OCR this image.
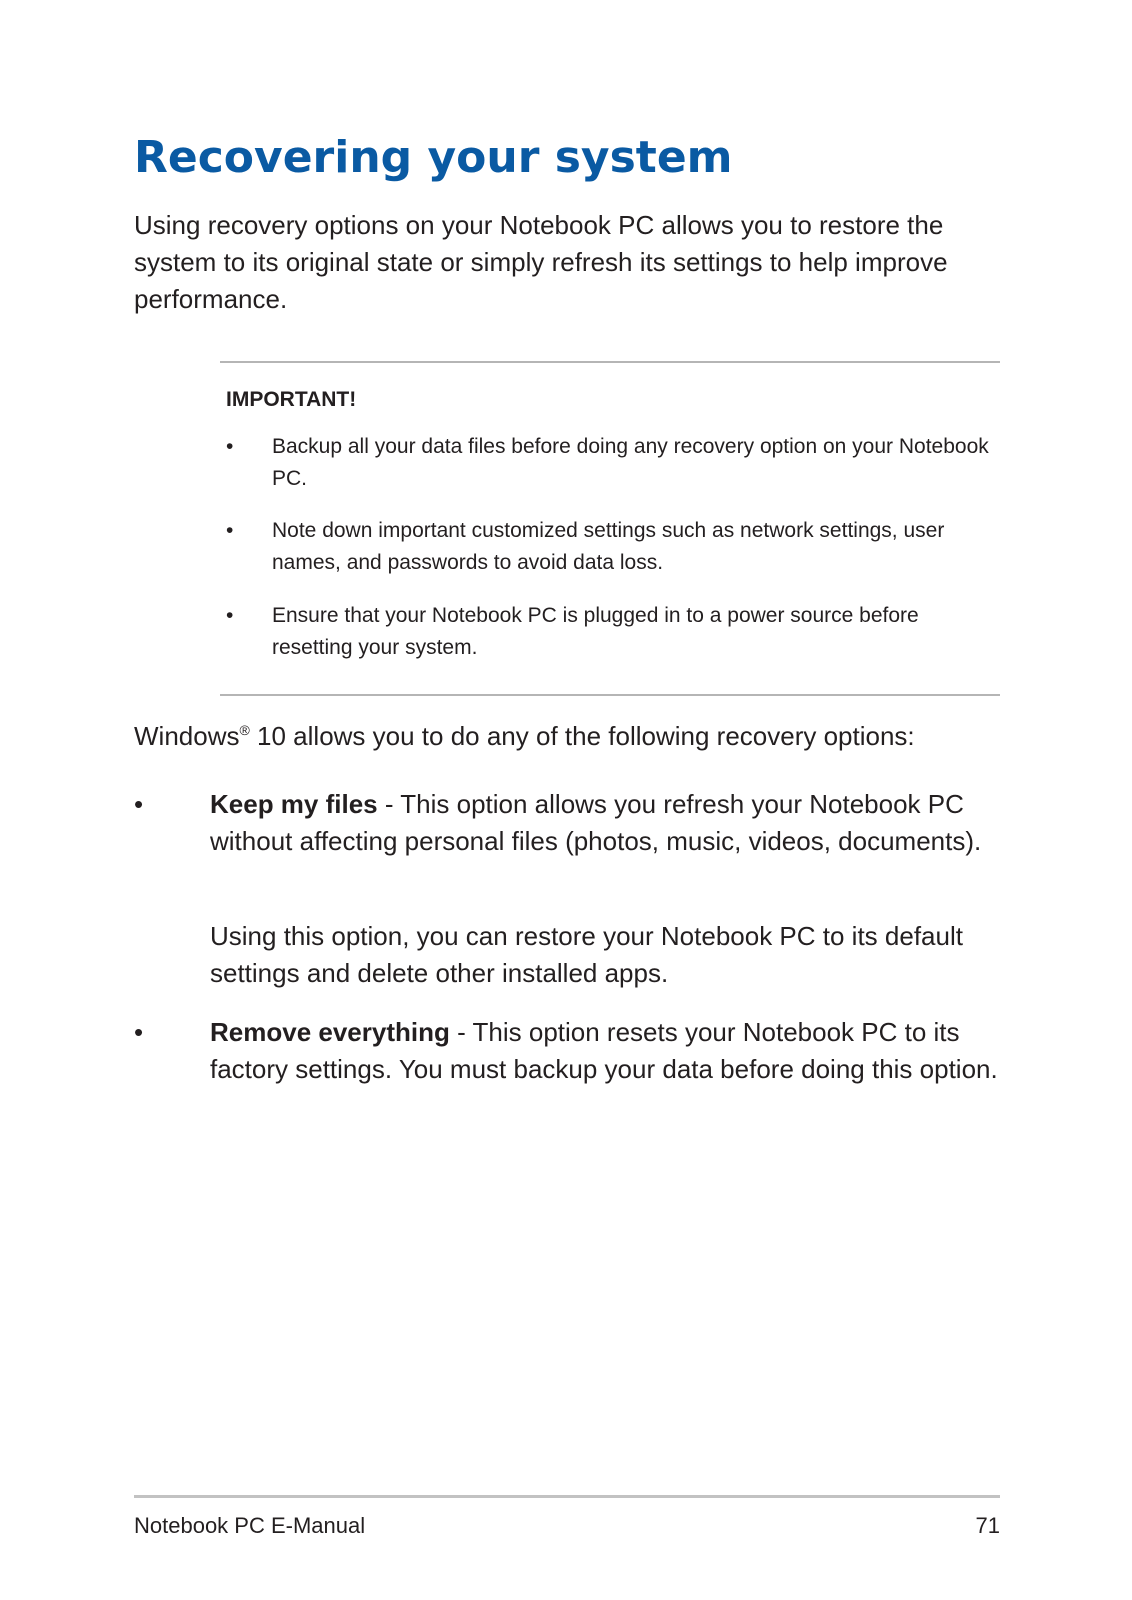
Recovering your system

Using recovery options on your Notebook PC allows you to restore the system to its original state or simply refresh its settings to help improve performance.

IMPORTANT!
• Backup all your data files before doing any recovery option on your Notebook PC.
• Note down important customized settings such as network settings, user names, and passwords to avoid data loss.
• Ensure that your Notebook PC is plugged in to a power source before resetting your system.

Windows® 10 allows you to do any of the following recovery options:

•	Keep my files - This option allows you refresh your Notebook PC without affecting personal files (photos, music, videos, documents).

Using this option, you can restore your Notebook PC to its default settings and delete other installed apps.

•	Remove everything - This option resets your Notebook PC to its factory settings. You must backup your data before doing this option.

Notebook PC E-Manual	71
